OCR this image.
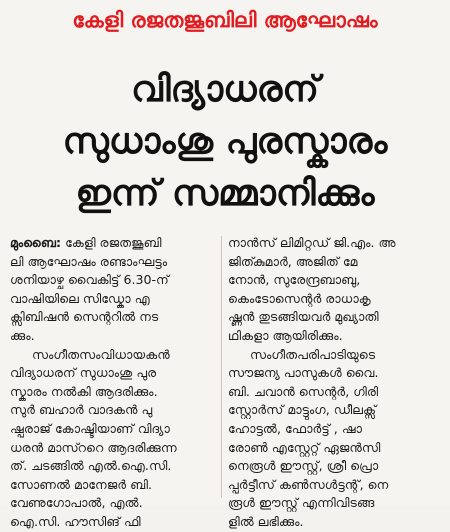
കേളി രജതജൂബിലി ആഘോഷം
വിദ്യാധരന്
സുധാംശു പുരസ്കാരം
ഇന്ന് സമ്മാനിക്കും
മുംബൈ: കേളി രജതജൂബി
ലി ആഘോഷം രണ്ടാംഘട്ടം
ശനിയാഴ്ച വൈകിട്ട് 6.30-ന്
വാഷിയിലെ സിഡ്കോ എ
ക്സിബിഷൻ സെന്ററിൽ നട
ക്കും.
സംഗീതസംവിധായകൻ
വിദ്യാധരന് സുധാംശു പുര
സ്കാരം നൽകി ആദരിക്കും.
സുർ ബഹാർ വാദകൻ പു
ഷ്പരാജ് കോഷ്ടിയാണ് വിദ്യാ
ധരൻ മാസ്ററെ ആദരിക്കുന്ന
ത്. ചടങ്ങിൽ എൽ.ഐ.സി.
സോണൽ മാനേജർ ബി.
വേണുഗോപാൽ, എൽ.
ഐ.സി. ഹൗസിങ് ഫി
നാൻസ് ലിമിറ്റഡ് ജി.എം. അ
ജിത്കുമാർ, അജിത് മേ
നോൻ, സുരേന്ദ്രബാബു,
കെംടോസെന്റർ രാധാകൃ
ഷ്ണൻ തുടങ്ങിയവർ മുഖ്യാതി
ഥികളാ ആയിരിക്കും.
സംഗീതപരിപാടിയുടെ
സൗജന്യ പാസുകൾ വൈ.
ബി. ചവാൻ സെന്റർ, ഗിരി
സ്റ്റോർസ് മാട്ടുംഗ, ഡീലക്സ്
ഹോട്ടൽ, ഫോർട്ട് , ഷാ
രോൺ എസ്റ്റേറ്റ് ഏജൻസി
നെരൂൾ ഈസ്റ്റ്, ശ്രീ പ്രൊ
പ്പർട്ടീസ് കൺസൾട്ടന്റ്, നെ
രൂൾ ഈസ്റ്റ് എന്നിവിടങ്ങ
ളിൽ ലഭിക്കും.
